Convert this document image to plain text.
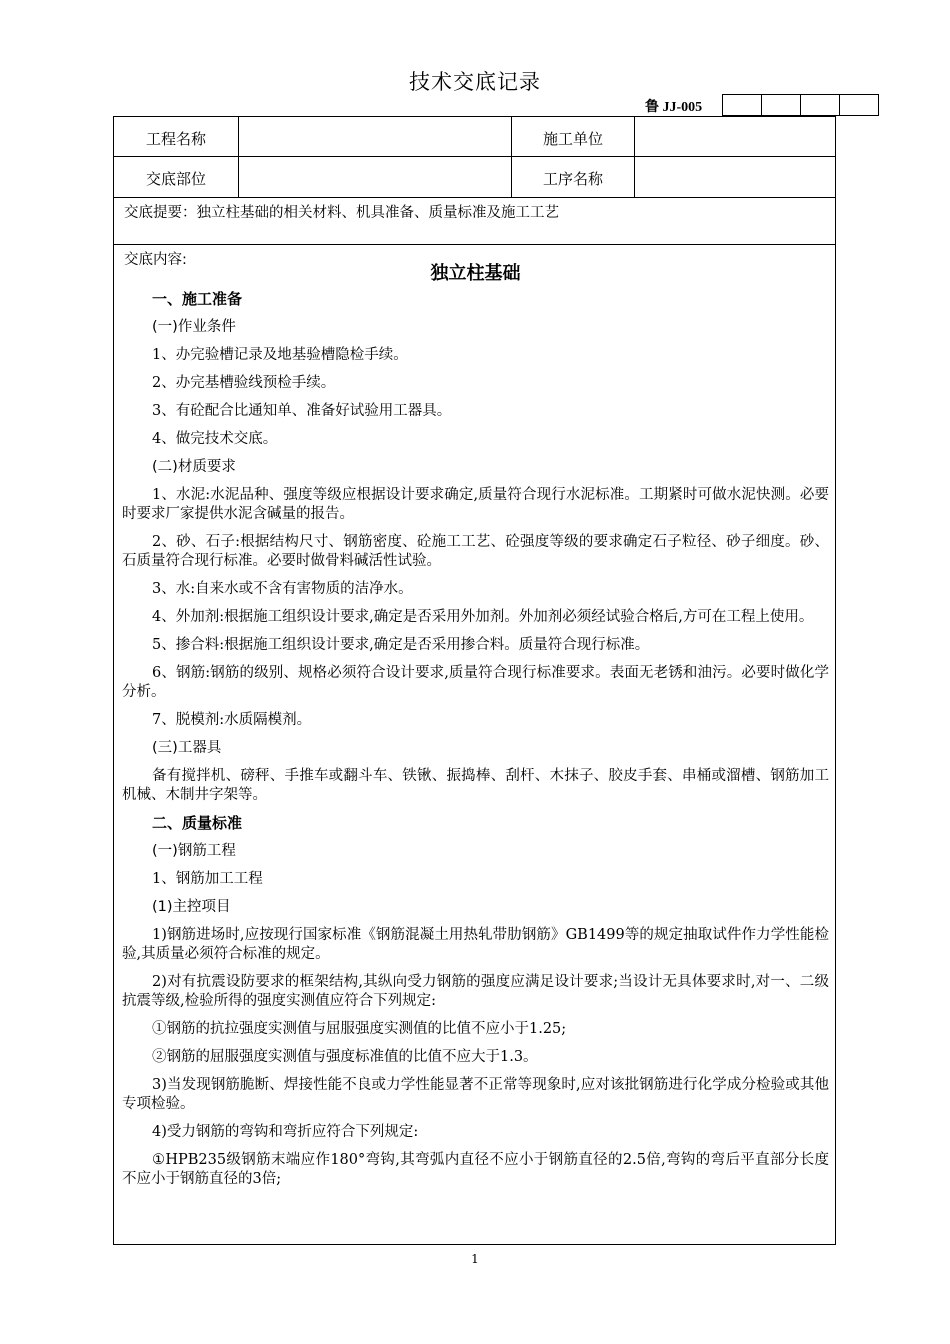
技术交底记录
鲁 JJ-005
工程名称	施工单位
交底部位	工序名称
交底提要：独立柱基础的相关材料、机具准备、质量标准及施工工艺
交底内容:
独立柱基础

一、施工准备

(一)作业条件

1、办完验槽记录及地基验槽隐检手续。

2、办完基槽验线预检手续。

3、有砼配合比通知单、准备好试验用工器具。

4、做完技术交底。

(二)材质要求

1、水泥:水泥品种、强度等级应根据设计要求确定,质量符合现行水泥标准。工期紧时可做水泥快测。必要时要求厂家提供水泥含碱量的报告。

2、砂、石子:根据结构尺寸、钢筋密度、砼施工工艺、砼强度等级的要求确定石子粒径、砂子细度。砂、石质量符合现行标准。必要时做骨料碱活性试验。

3、水:自来水或不含有害物质的洁净水。

4、外加剂:根据施工组织设计要求,确定是否采用外加剂。外加剂必须经试验合格后,方可在工程上使用。

5、掺合料:根据施工组织设计要求,确定是否采用掺合料。质量符合现行标准。

6、钢筋:钢筋的级别、规格必须符合设计要求,质量符合现行标准要求。表面无老锈和油污。必要时做化学分析。

7、脱模剂:水质隔模剂。

(三)工器具

备有搅拌机、磅秤、手推车或翻斗车、铁锹、振捣棒、刮杆、木抹子、胶皮手套、串桶或溜槽、钢筋加工机械、木制井字架等。

二、质量标准

(一)钢筋工程

1、钢筋加工工程

(1)主控项目

1)钢筋进场时,应按现行国家标准《钢筋混凝土用热轧带肋钢筋》GB1499等的规定抽取试件作力学性能检验,其质量必须符合标准的规定。

2)对有抗震设防要求的框架结构,其纵向受力钢筋的强度应满足设计要求;当设计无具体要求时,对一、二级抗震等级,检验所得的强度实测值应符合下列规定:

①钢筋的抗拉强度实测值与屈服强度实测值的比值不应小于1.25;

②钢筋的屈服强度实测值与强度标准值的比值不应大于1.3。

3)当发现钢筋脆断、焊接性能不良或力学性能显著不正常等现象时,应对该批钢筋进行化学成分检验或其他专项检验。

4)受力钢筋的弯钩和弯折应符合下列规定:

①HPB235级钢筋末端应作180°弯钩,其弯弧内直径不应小于钢筋直径的2.5倍,弯钩的弯后平直部分长度不应小于钢筋直径的3倍;

1
